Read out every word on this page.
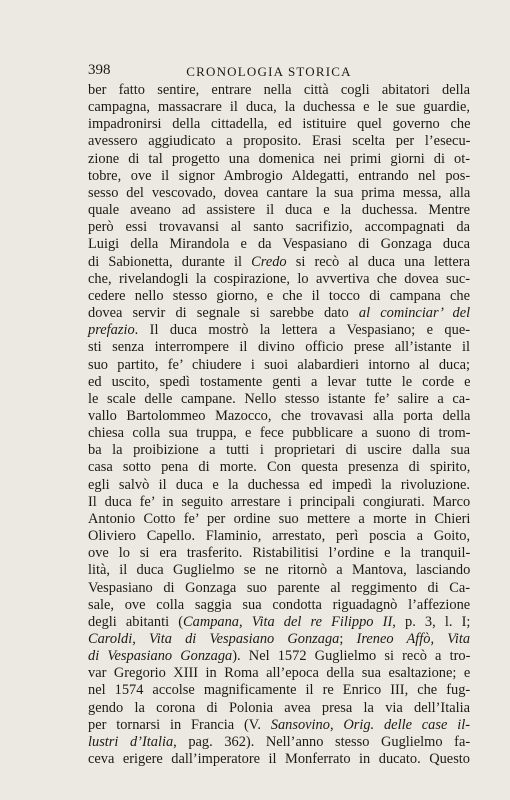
398	CRONOLOGIA STORICA
ber fatto sentire, entrare nella città cogli abitatori della
campagna, massacrare il duca, la duchessa e le sue guardie,
impadronirsi della cittadella, ed istituire quel governo che
avessero aggiudicato a proposito. Erasi scelta per l’esecu-
zione di tal progetto una domenica nei primi giorni di ot-
tobre, ove il signor Ambrogio Aldegatti, entrando nel pos-
sesso del vescovado, dovea cantare la sua prima messa, alla
quale aveano ad assistere il duca e la duchessa. Mentre
però essi trovavansi al santo sacrifizio, accompagnati da
Luigi della Mirandola e da Vespasiano di Gonzaga duca
di Sabionetta, durante il Credo si recò al duca una lettera
che, rivelandogli la cospirazione, lo avvertiva che dovea suc-
cedere nello stesso giorno, e che il tocco di campana che
dovea servir di segnale si sarebbe dato al cominciar’ del
prefazio. Il duca mostrò la lettera a Vespasiano; e que-
sti senza interrompere il divino officio prese all’istante il
suo partito, fe’ chiudere i suoi alabardieri intorno al duca;
ed uscito, spedì tostamente genti a levar tutte le corde e
le scale delle campane. Nello stesso istante fe’ salire a ca-
vallo Bartolommeo Mazocco, che trovavasi alla porta della
chiesa colla sua truppa, e fece pubblicare a suono di trom-
ba la proibizione a tutti i proprietari di uscire dalla sua
casa sotto pena di morte. Con questa presenza di spirito,
egli salvò il duca e la duchessa ed impedì la rivoluzione.
Il duca fe’ in seguito arrestare i principali congiurati. Marco
Antonio Cotto fe’ per ordine suo mettere a morte in Chieri
Oliviero Capello. Flaminio, arrestato, perì poscia a Goito,
ove lo si era trasferito. Ristabilitisi l’ordine e la tranquil-
lità, il duca Guglielmo se ne ritornò a Mantova, lasciando
Vespasiano di Gonzaga suo parente al reggimento di Ca-
sale, ove colla saggia sua condotta riguadagnò l’affezione
degli abitanti (Campana, Vita del re Filippo II, p. 3, l. I;
Caroldi, Vita di Vespasiano Gonzaga; Ireneo Affò, Vita
di Vespasiano Gonzaga). Nel 1572 Guglielmo si recò a tro-
var Gregorio XIII in Roma all’epoca della sua esaltazione; e
nel 1574 accolse magnificamente il re Enrico III, che fug-
gendo la corona di Polonia avea presa la via dell’Italia
per tornarsi in Francia (V. Sansovino, Orig. delle case il-
lustri d’Italia, pag. 362). Nell’anno stesso Guglielmo fa-
ceva erigere dall’imperatore il Monferrato in ducato. Questo
